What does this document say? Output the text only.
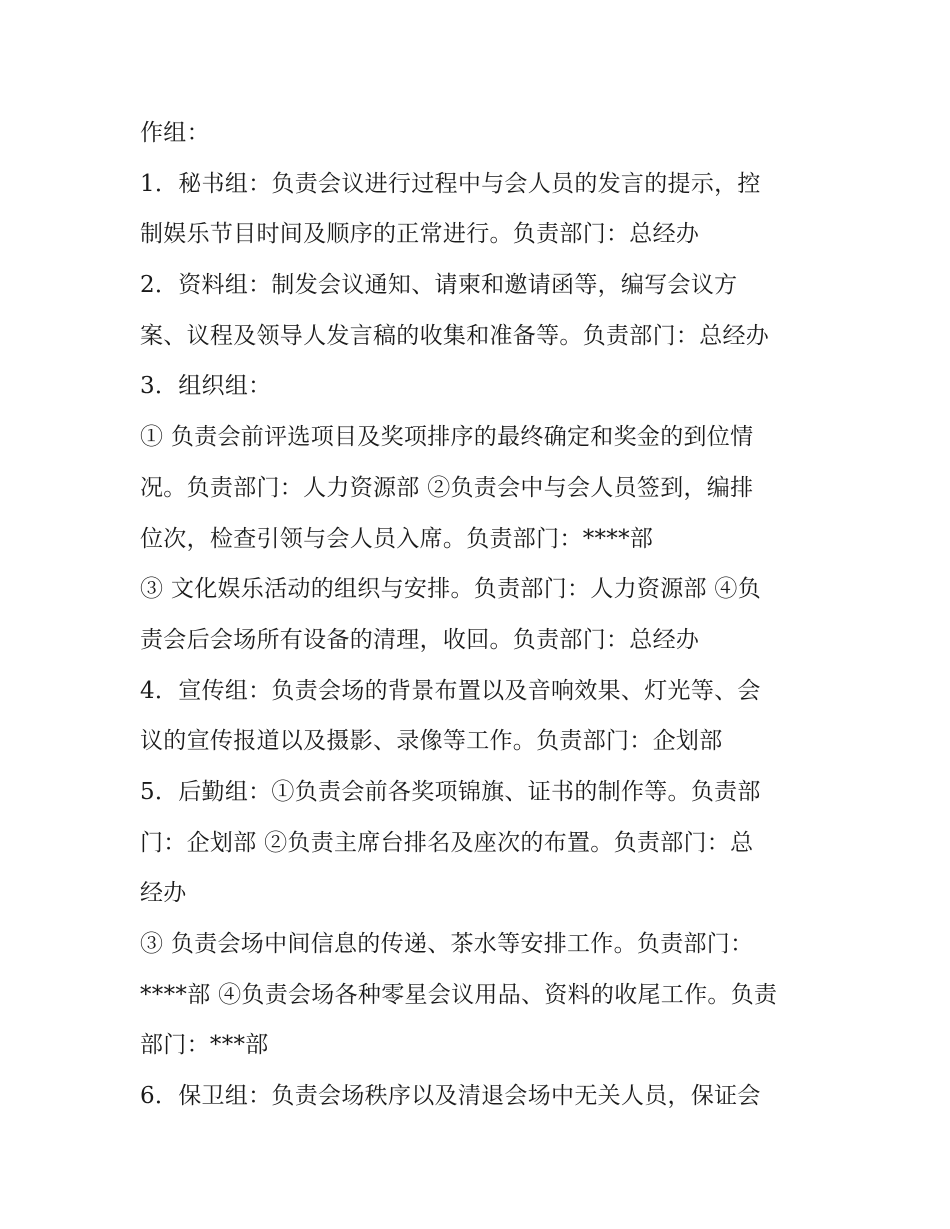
作组：
1．秘书组：负责会议进行过程中与会人员的发言的提示，控
制娱乐节目时间及顺序的正常进行。负责部门：总经办
2．资料组：制发会议通知、请柬和邀请函等，编写会议方
案、议程及领导人发言稿的收集和准备等。负责部门：总经办
3．组织组：
① 负责会前评选项目及奖项排序的最终确定和奖金的到位情
况。负责部门：人力资源部 ②负责会中与会人员签到，编排
位次，检查引领与会人员入席。负责部门：****部
③ 文化娱乐活动的组织与安排。负责部门：人力资源部 ④负
责会后会场所有设备的清理，收回。负责部门：总经办
4．宣传组：负责会场的背景布置以及音响效果、灯光等、会
议的宣传报道以及摄影、录像等工作。负责部门：企划部
5．后勤组：①负责会前各奖项锦旗、证书的制作等。负责部
门：企划部 ②负责主席台排名及座次的布置。负责部门：总
经办
③ 负责会场中间信息的传递、茶水等安排工作。负责部门：
****部 ④负责会场各种零星会议用品、资料的收尾工作。负责
部门：***部
6．保卫组：负责会场秩序以及清退会场中无关人员，保证会
